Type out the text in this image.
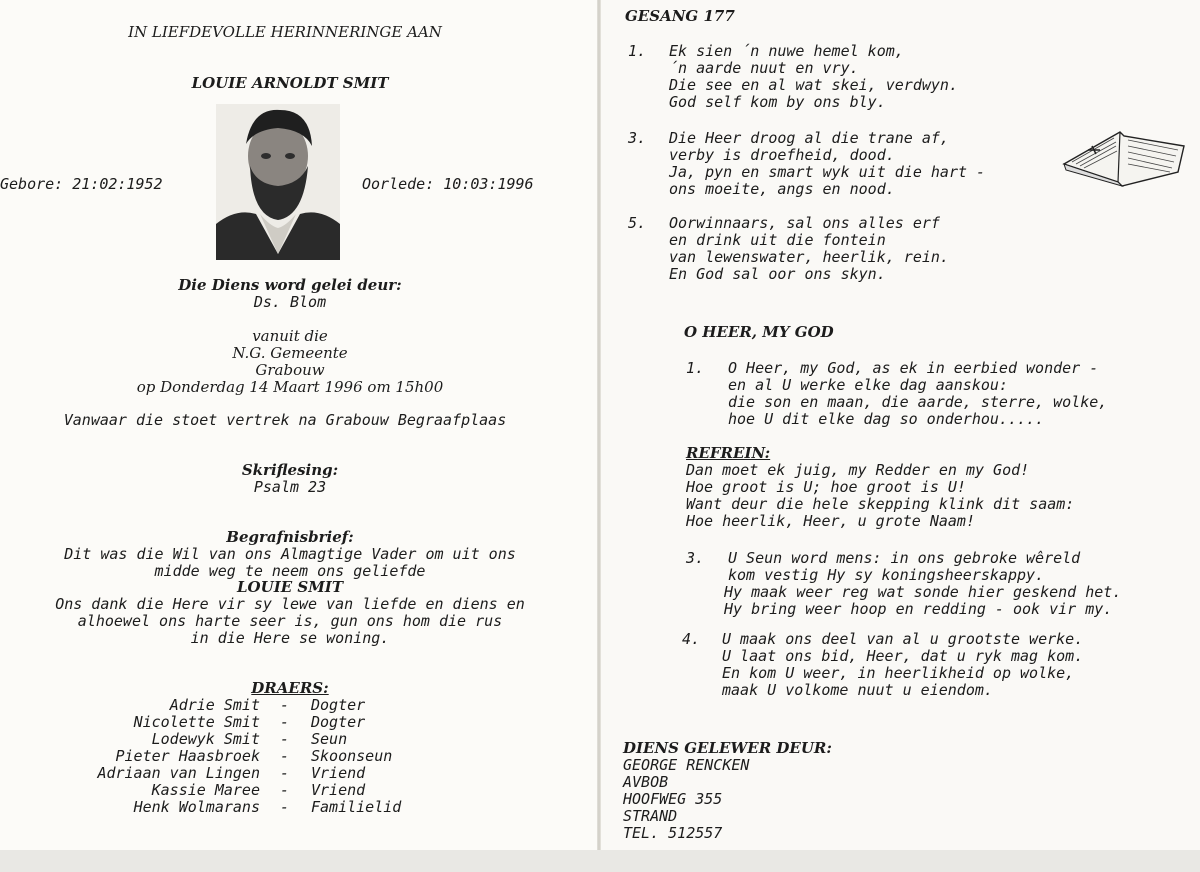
IN LIEFDEVOLLE HERINNERINGE AAN
LOUIE ARNOLDT SMIT
Gebore: 21:02:1952	Oorlede: 10:03:1996
Die Diens word gelei deur:
Ds. Blom
vanuit die
N.G. Gemeente
Grabouw
op Donderdag 14 Maart 1996 om 15h00
Vanwaar die stoet vertrek na Grabouw Begraafplaas
Skriflesing:
Psalm 23
Begrafnisbrief:
Dit was die Wil van ons Almagtige Vader om uit ons
midde weg te neem ons geliefde
LOUIE SMIT
Ons dank die Here vir sy lewe van liefde en diens en
alhoewel ons harte seer is, gun ons hom die rus
in die Here se woning.
DRAERS:
Adrie Smit - Dogter
Nicolette Smit - Dogter
Lodewyk Smit - Seun
Pieter Haasbroek - Skoonseun
Adriaan van Lingen - Vriend
Kassie Maree - Vriend
Henk Wolmarans - Familielid
GESANG 177
1. Ek sien ´n nuwe hemel kom,
´n aarde nuut en vry.
Die see en al wat skei, verdwyn.
God self kom by ons bly.
3. Die Heer droog al die trane af,
verby is droefheid, dood.
Ja, pyn en smart wyk uit die hart -
ons moeite, angs en nood.
5. Oorwinnaars, sal ons alles erf
en drink uit die fontein
van lewenswater, heerlik, rein.
En God sal oor ons skyn.
O HEER, MY GOD
1. O Heer, my God, as ek in eerbied wonder -
en al U werke elke dag aanskou:
die son en maan, die aarde, sterre, wolke,
hoe U dit elke dag so onderhou.....
REFREIN:
Dan moet ek juig, my Redder en my God!
Hoe groot is U; hoe groot is U!
Want deur die hele skepping klink dit saam:
Hoe heerlik, Heer, u grote Naam!
3. U Seun word mens: in ons gebroke wêreld
kom vestig Hy sy koningsheerskappy.
Hy maak weer reg wat sonde hier geskend het.
Hy bring weer hoop en redding - ook vir my.
4. U maak ons deel van al u grootste werke.
U laat ons bid, Heer, dat u ryk mag kom.
En kom U weer, in heerlikheid op wolke,
maak U volkome nuut u eiendom.
DIENS GELEWER DEUR:
GEORGE RENCKEN
AVBOB
HOOFWEG 355
STRAND
TEL. 512557
